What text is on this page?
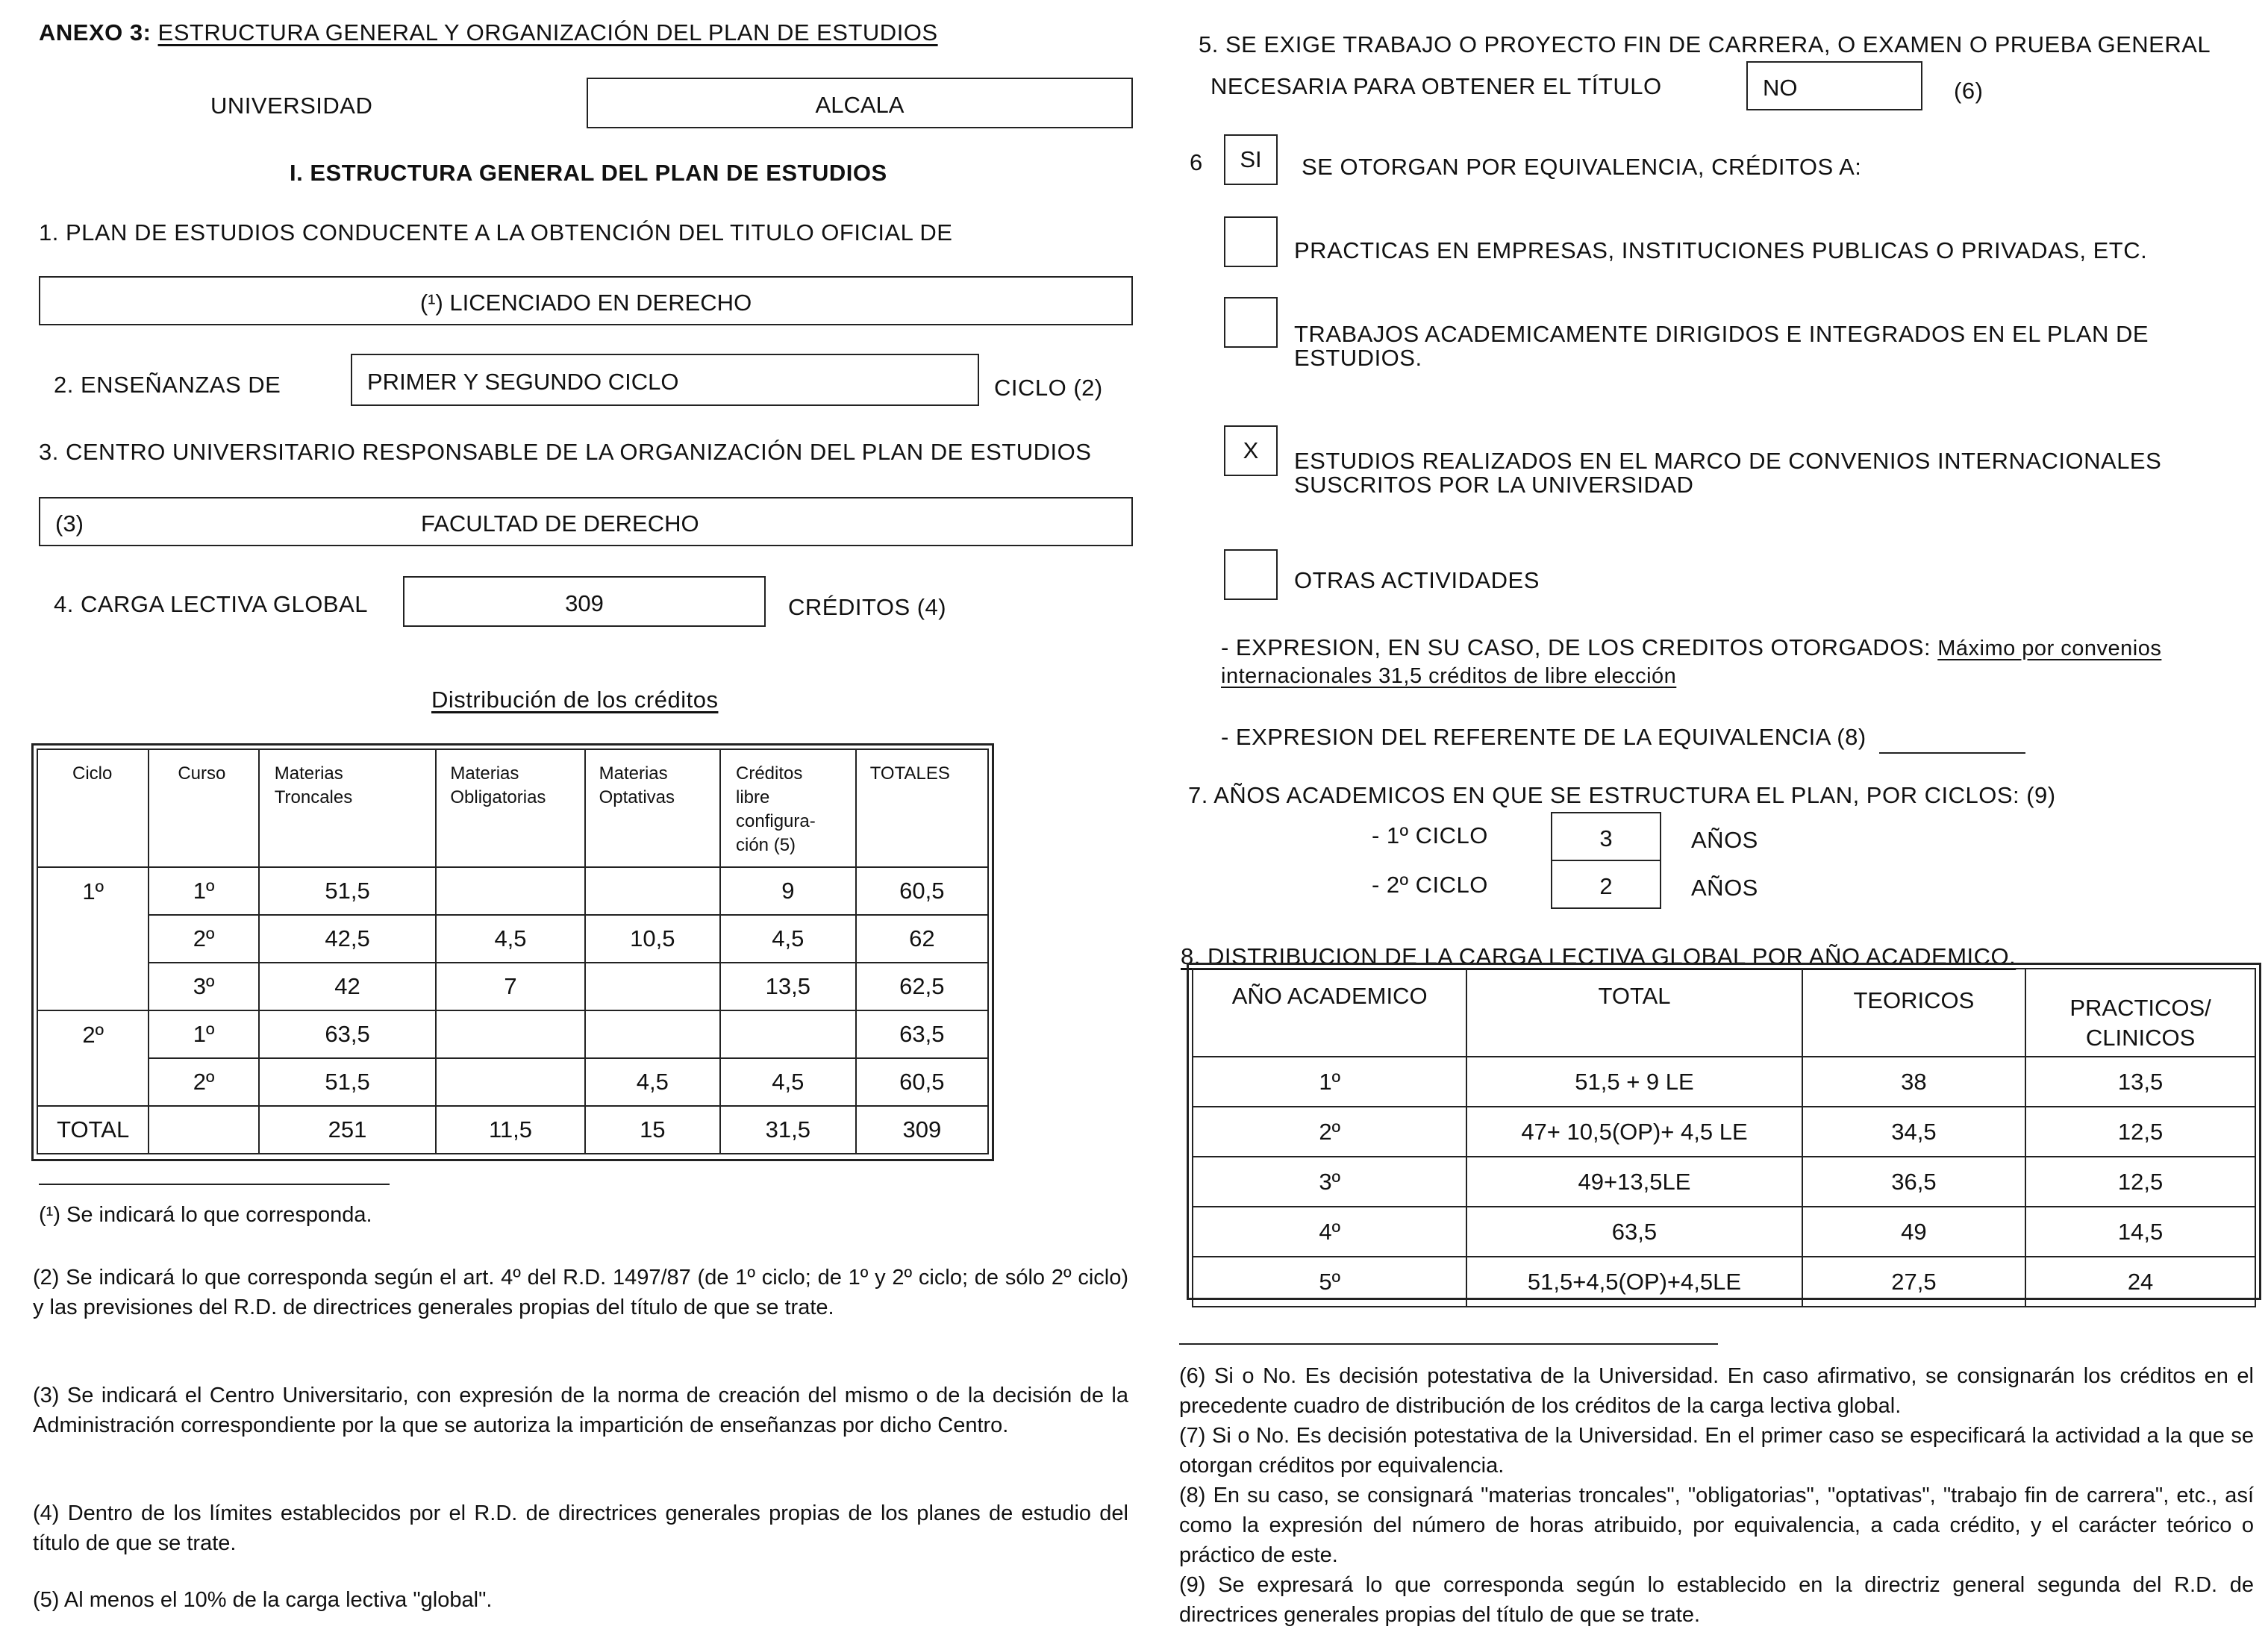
ANEXO 3: ESTRUCTURA GENERAL Y ORGANIZACIÓN DEL PLAN DE ESTUDIOS
UNIVERSIDAD	ALCALA
I. ESTRUCTURA GENERAL DEL PLAN DE ESTUDIOS
1. PLAN DE ESTUDIOS CONDUCENTE A LA OBTENCIÓN DEL TITULO OFICIAL DE
(¹) LICENCIADO EN DERECHO
2. ENSEÑANZAS DE	PRIMER Y SEGUNDO CICLO	CICLO (2)
3. CENTRO UNIVERSITARIO RESPONSABLE DE LA ORGANIZACIÓN DEL PLAN DE ESTUDIOS
(3)	FACULTAD DE DERECHO
4. CARGA LECTIVA GLOBAL	309	CRÉDITOS (4)
Distribución de los créditos
Ciclo	Curso	Materias Troncales	Materias Obligatorias	Materias Optativas	Créditos libre configura-ción (5)	TOTALES
1º	1º	51,5			9	60,5
	2º	42,5	4,5	10,5	4,5	62
	3º	42	7		13,5	62,5
2º	1º	63,5				63,5
	2º	51,5		4,5	4,5	60,5
TOTAL		251	11,5	15	31,5	309
(¹) Se indicará lo que corresponda.
(2) Se indicará lo que corresponda según el art. 4º del R.D. 1497/87 (de 1º ciclo; de 1º y 2º ciclo; de sólo 2º ciclo) y las previsiones del R.D. de directrices generales propias del título de que se trate.
(3) Se indicará el Centro Universitario, con expresión de la norma de creación del mismo o de la decisión de la Administración correspondiente por la que se autoriza la impartición de enseñanzas por dicho Centro.
(4) Dentro de los límites establecidos por el R.D. de directrices generales propias de los planes de estudio del título de que se trate.
(5) Al menos el 10% de la carga lectiva "global".
5. SE EXIGE TRABAJO O PROYECTO FIN DE CARRERA, O EXAMEN O PRUEBA GENERAL
NECESARIA PARA OBTENER EL TÍTULO	NO	(6)
6 SI SE OTORGAN POR EQUIVALENCIA, CRÉDITOS A:
PRACTICAS EN EMPRESAS, INSTITUCIONES PUBLICAS O PRIVADAS, ETC.
TRABAJOS ACADEMICAMENTE DIRIGIDOS E INTEGRADOS EN EL PLAN DE
ESTUDIOS.
X ESTUDIOS REALIZADOS EN EL MARCO DE CONVENIOS INTERNACIONALES
SUSCRITOS POR LA UNIVERSIDAD
OTRAS ACTIVIDADES
- EXPRESION, EN SU CASO, DE LOS CREDITOS OTORGADOS: Máximo por convenios
internacionales 31,5 créditos de libre elección
- EXPRESION DEL REFERENTE DE LA EQUIVALENCIA (8)
7. AÑOS ACADEMICOS EN QUE SE ESTRUCTURA EL PLAN, POR CICLOS: (9)
- 1º CICLO	3	AÑOS
- 2º CICLO	2	AÑOS
8. DISTRIBUCION DE LA CARGA LECTIVA GLOBAL POR AÑO ACADEMICO.
AÑO ACADEMICO	TOTAL	TEORICOS	PRACTICOS/ CLINICOS
1º	51,5 + 9 LE	38	13,5
2º	47+ 10,5(OP)+ 4,5 LE	34,5	12,5
3º	49+13,5LE	36,5	12,5
4º	63,5	49	14,5
5º	51,5+4,5(OP)+4,5LE	27,5	24
(6) Si o No. Es decisión potestativa de la Universidad. En caso afirmativo, se consignarán los créditos en el precedente cuadro de distribución de los créditos de la carga lectiva global.
(7) Si o No. Es decisión potestativa de la Universidad. En el primer caso se especificará la actividad a la que se otorgan créditos por equivalencia.
(8) En su caso, se consignará "materias troncales", "obligatorias", "optativas", "trabajo fin de carrera", etc., así como la expresión del número de horas atribuido, por equivalencia, a cada crédito, y el carácter teórico o práctico de este.
(9) Se expresará lo que corresponda según lo establecido en la directriz general segunda del R.D. de directrices generales propias del título de que se trate.
